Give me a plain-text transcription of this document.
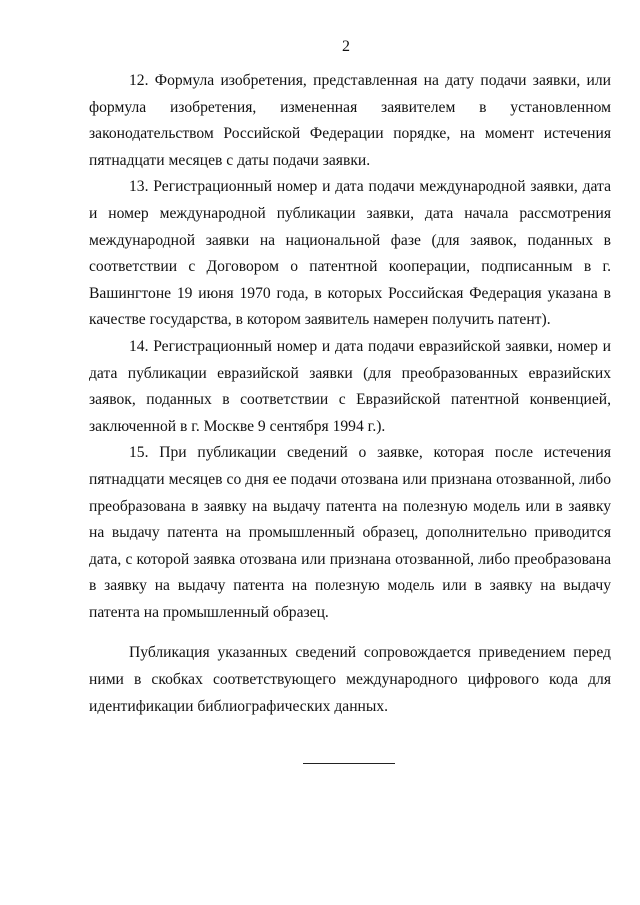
2

12. Формула изобретения, представленная на дату подачи заявки, или формула изобретения, измененная заявителем в установленном законодательством Российской Федерации порядке, на момент истечения пятнадцати месяцев с даты подачи заявки.

13. Регистрационный номер и дата подачи международной заявки, дата и номер международной публикации заявки, дата начала рассмотрения международной заявки на национальной фазе (для заявок, поданных в соответствии с Договором о патентной кооперации, подписанным в г. Вашингтоне 19 июня 1970 года, в которых Российская Федерация указана в качестве государства, в котором заявитель намерен получить патент).

14. Регистрационный номер и дата подачи евразийской заявки, номер и дата публикации евразийской заявки (для преобразованных евразийских заявок, поданных в соответствии с Евразийской патентной конвенцией, заключенной в г. Москве 9 сентября 1994 г.).

15. При публикации сведений о заявке, которая после истечения пятнадцати месяцев со дня ее подачи отозвана или признана отозванной, либо преобразована в заявку на выдачу патента на полезную модель или в заявку на выдачу патента на промышленный образец, дополнительно приводится дата, с которой заявка отозвана или признана отозванной, либо преобразована в заявку на выдачу патента на полезную модель или в заявку на выдачу патента на промышленный образец.

Публикация указанных сведений сопровождается приведением перед ними в скобках соответствующего международного цифрового кода для идентификации библиографических данных.
